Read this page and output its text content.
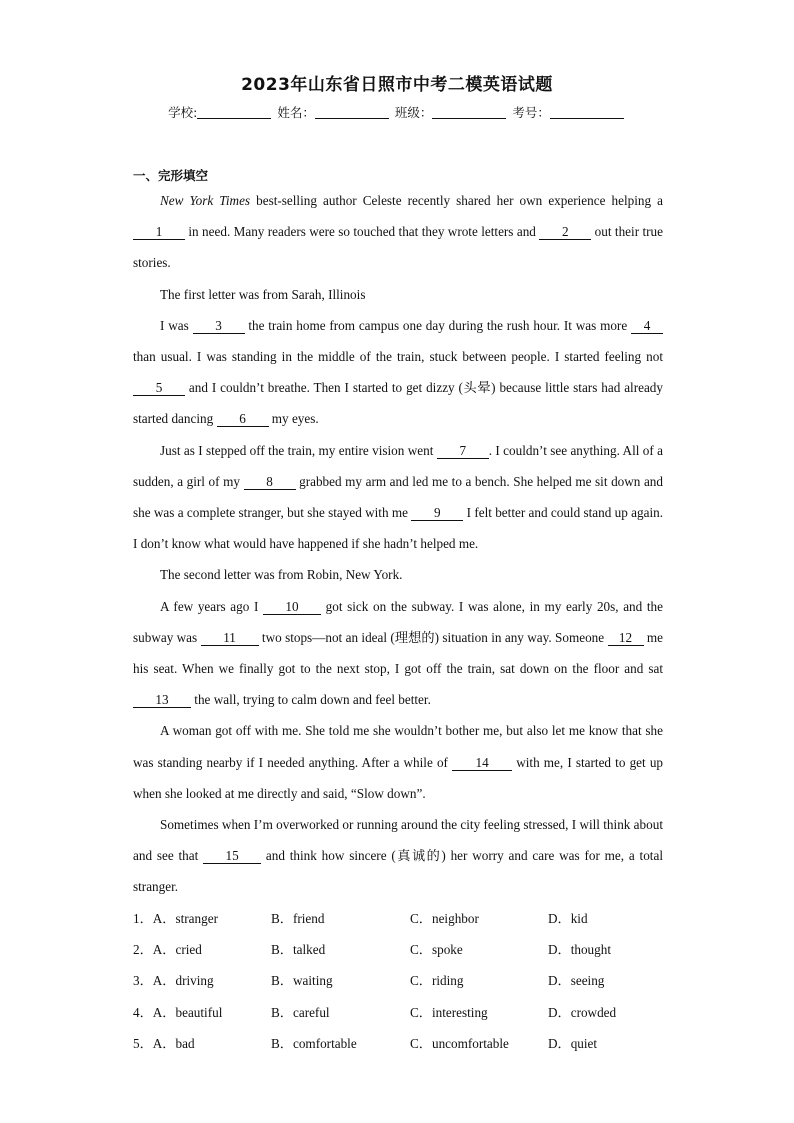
2023年山东省日照市中考二模英语试题
学校:	姓名：	班级：	考号：
一、完形填空

New York Times best-selling author Celeste recently shared her own experience helping a 1 in need. Many readers were so touched that they wrote letters and 2 out their true stories.

The first letter was from Sarah, Illinois

I was 3 the train home from campus one day during the rush hour. It was more 4 than usual. I was standing in the middle of the train, stuck between people. I started feeling not 5 and I couldn’t breathe. Then I started to get dizzy (头晕) because little stars had already started dancing 6 my eyes.

Just as I stepped off the train, my entire vision went 7 . I couldn’t see anything. All of a sudden, a girl of my 8 grabbed my arm and led me to a bench. She helped me sit down and she was a complete stranger, but she stayed with me 9 I felt better and could stand up again. I don’t know what would have happened if she hadn’t helped me.

The second letter was from Robin, New York.

A few years ago I 10 got sick on the subway. I was alone, in my early 20s, and the subway was 11 two stops—not an ideal (理想的) situation in any way. Someone 12 me his seat. When we finally got to the next stop, I got off the train, sat down on the floor and sat 13 the wall, trying to calm down and feel better.

A woman got off with me. She told me she wouldn’t bother me, but also let me know that she was standing nearby if I needed anything. After a while of 14 with me, I started to get up when she looked at me directly and said, “Slow down”.

Sometimes when I’m overworked or running around the city feeling stressed, I will think about and see that 15 and think how sincere (真诚的) her worry and care was for me, a total stranger.

1．A．stranger	B．friend	C．neighbor	D．kid
2．A．cried	B．talked	C．spoke	D．thought
3．A．driving	B．waiting	C．riding	D．seeing
4．A．beautiful	B．careful	C．interesting	D．crowded
5．A．bad	B．comfortable	C．uncomfortable	D．quiet
